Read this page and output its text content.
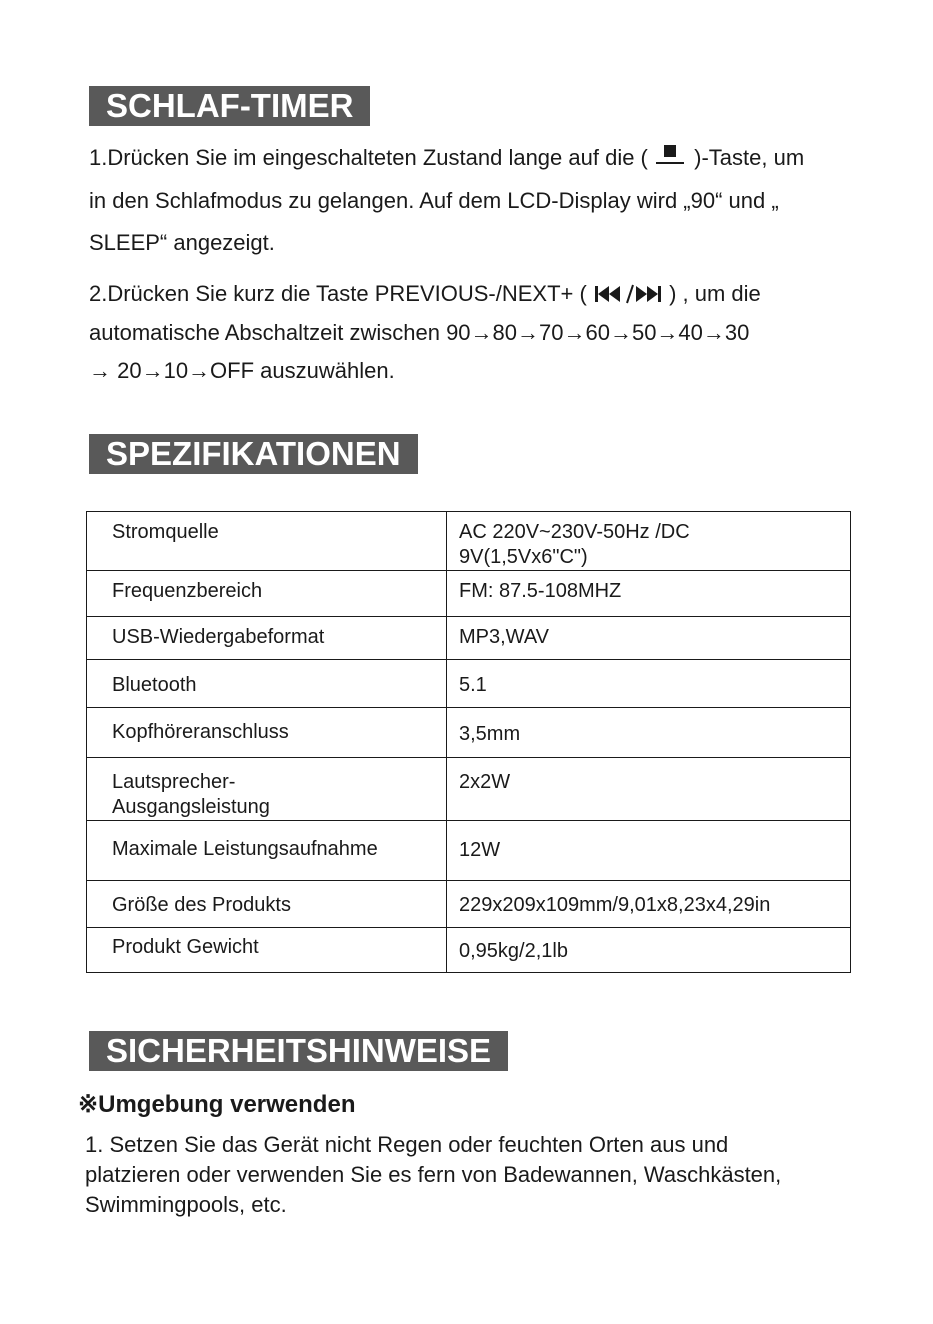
SCHLAF-TIMER
1.Drücken Sie im eingeschalteten Zustand lange auf die ( )-Taste, um
in den Schlafmodus zu gelangen. Auf dem LCD-Display wird „90“ und „
SLEEP“ angezeigt.
2.Drücken Sie kurz die Taste PREVIOUS-/NEXT+ (	) , um die
automatische Abschaltzeit zwischen 90→80→70→60→50→40→30
→ 20→10→OFF auszuwählen.
SPEZIFIKATIONEN
Stromquelle	AC 220V~230V-50Hz /DC
9V(1,5Vx6"C")
Frequenzbereich	FM: 87.5-108MHZ
USB-Wiedergabeformat	MP3,WAV
Bluetooth	5.1
Kopfhöreranschluss	3,5mm
Lautsprecher-
Ausgangsleistung	2x2W
Maximale Leistungsaufnahme	12W
Größe des Produkts	229x209x109mm/9,01x8,23x4,29in
Produkt Gewicht	0,95kg/2,1lb
SICHERHEITSHINWEISE
※Umgebung verwenden
1. Setzen Sie das Gerät nicht Regen oder feuchten Orten aus und
platzieren oder verwenden Sie es fern von Badewannen, Waschkästen,
Swimmingpools, etc.
